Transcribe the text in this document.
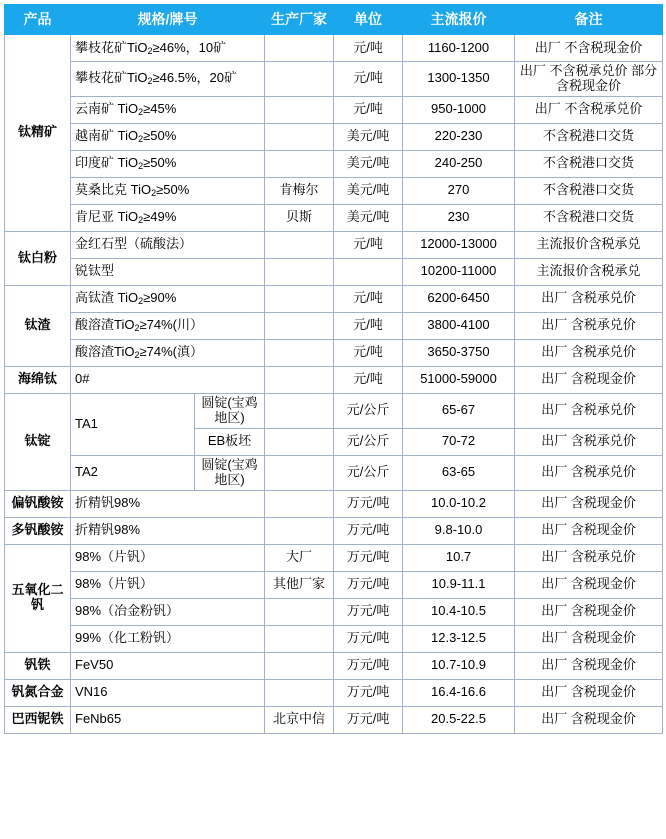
产品	规格/牌号		生产厂家	单位	主流报价	备注
钛精矿	攀枝花矿TiO$_2$≥46%，10矿			元/吨	1160-1200	出厂 不含税现金价
	攀枝花矿TiO$_2$≥46.5%，20矿			元/吨	1300-1350	出厂 不含税承兑价 部分含税现金价
	云南矿 TiO$_2$≥45%			元/吨	950-1000	出厂 不含税承兑价
	越南矿 TiO$_2$≥50%			美元/吨	220-230	不含税港口交货
	印度矿 TiO$_2$≥50%			美元/吨	240-250	不含税港口交货
	莫桑比克 TiO$_2$≥50%		肯梅尔	美元/吨	270	不含税港口交货
	肯尼亚 TiO$_2$≥49%		贝斯	美元/吨	230	不含税港口交货
钛白粉	金红石型（硫酸法）			元/吨	12000-13000	主流报价含税承兑
	锐钛型				10200-11000	主流报价含税承兑
钛渣	高钛渣 TiO$_2$≥90%			元/吨	6200-6450	出厂 含税承兑价
	酸溶渣TiO$_2$≥74%(川）			元/吨	3800-4100	出厂 含税承兑价
	酸溶渣TiO$_2$≥74%(滇）			元/吨	3650-3750	出厂 含税承兑价
海绵钛	0#			元/吨	51000-59000	出厂 含税现金价
钛锭	TA1	圆锭(宝鸡地区)		元/公斤	65-67	出厂 含税承兑价
		EB板坯		元/公斤	70-72	出厂 含税承兑价
	TA2	圆锭(宝鸡地区)		元/公斤	63-65	出厂 含税承兑价
偏钒酸铵	折精钒98%			万元/吨	10.0-10.2	出厂 含税现金价
多钒酸铵	折精钒98%			万元/吨	9.8-10.0	出厂 含税现金价
五氧化二钒	98%（片钒）		大厂	万元/吨	10.7	出厂 含税承兑价
	98%（片钒）		其他厂家	万元/吨	10.9-11.1	出厂 含税现金价
	98%（冶金粉钒）			万元/吨	10.4-10.5	出厂 含税现金价
	99%（化工粉钒）			万元/吨	12.3-12.5	出厂 含税现金价
钒铁	FeV50			万元/吨	10.7-10.9	出厂 含税现金价
钒氮合金	VN16			万元/吨	16.4-16.6	出厂 含税现金价
巴西铌铁	FeNb65		北京中信	万元/吨	20.5-22.5	出厂 含税现金价
